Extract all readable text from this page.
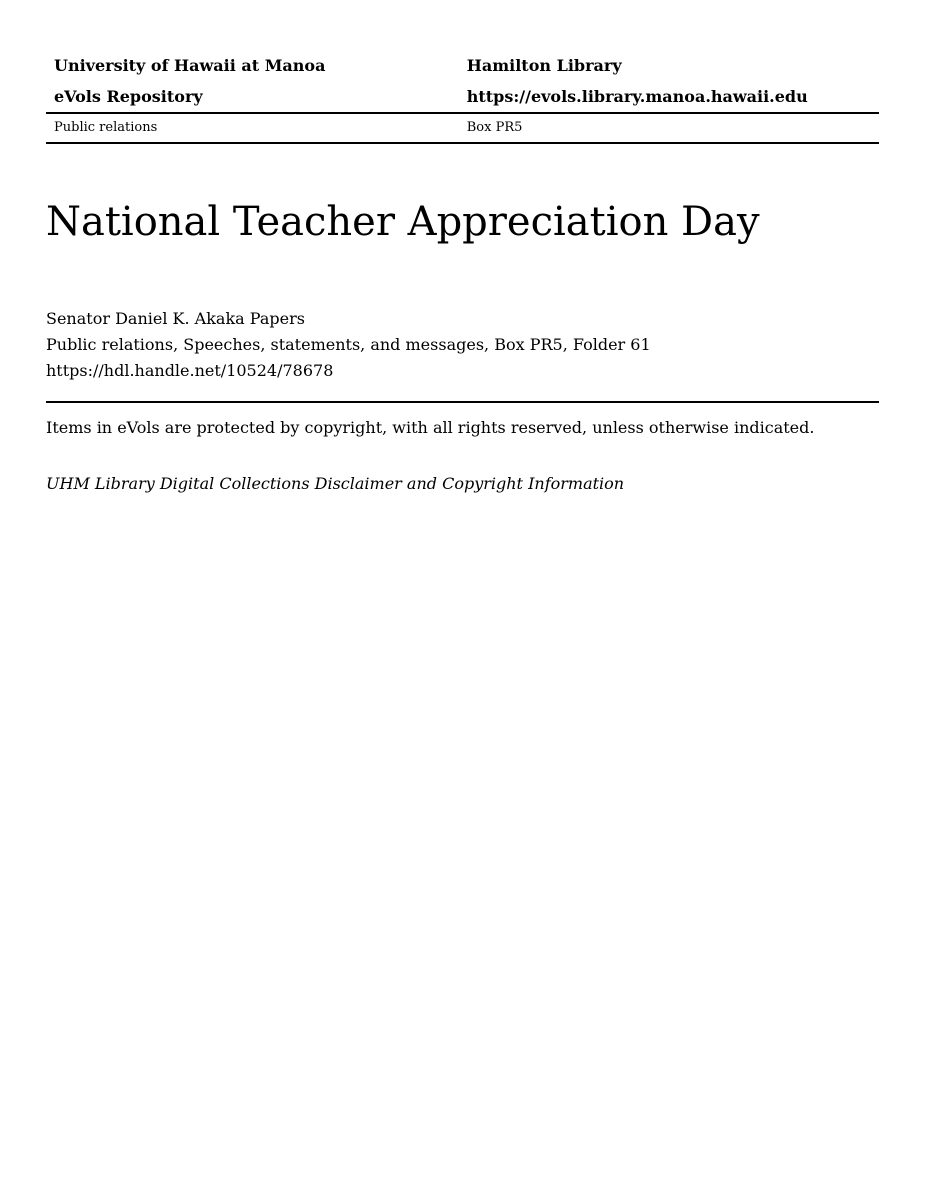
University of Hawaii at Manoa	Hamilton Library
eVols Repository	https://evols.library.manoa.hawaii.edu
Public relations	Box PR5
National Teacher Appreciation Day
Senator Daniel K. Akaka Papers
Public relations, Speeches, statements, and messages, Box PR5, Folder 61
https://hdl.handle.net/10524/78678
Items in eVols are protected by copyright, with all rights reserved, unless otherwise indicated.
UHM Library Digital Collections Disclaimer and Copyright Information
